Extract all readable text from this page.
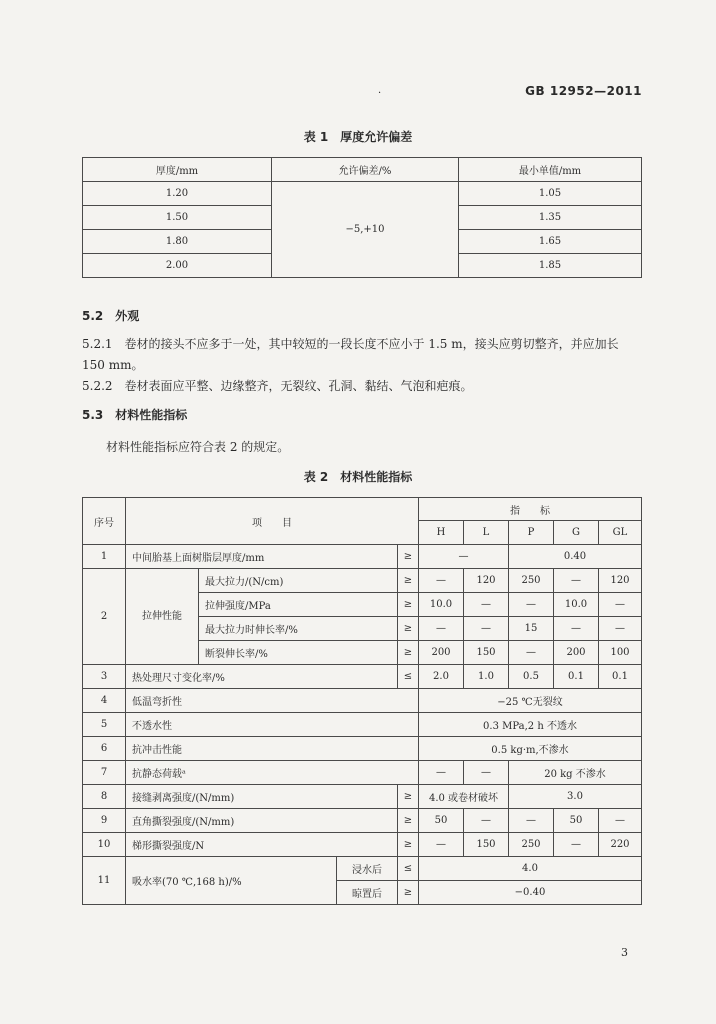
·	GB 12952—2011
表 1　厚度允许偏差
厚度/mm	允许偏差/%	最小单值/mm
1.20	−5,+10	1.05
1.50		1.35
1.80		1.65
2.00		1.85
5.2　外观
5.2.1　卷材的接头不应多于一处，其中较短的一段长度不应小于 1.5 m，接头应剪切整齐，并应加长 150 mm。
5.2.2　卷材表面应平整、边缘整齐，无裂纹、孔洞、黏结、气泡和疤痕。
5.3　材料性能指标
材料性能指标应符合表 2 的规定。
表 2　材料性能指标
序号	项　　目				指　　标				
					H	L	P	G	GL
1	中间胎基上面树脂层厚度/mm			≥	—		0.40		
2	拉伸性能	最大拉力/(N/cm)		≥	—	120	250	—	120
		拉伸强度/MPa		≥	10.0	—	—	10.0	—
		最大拉力时伸长率/%		≥	—	—	15	—	—
		断裂伸长率/%		≥	200	150	—	200	100
3	热处理尺寸变化率/%			≤	2.0	1.0	0.5	0.1	0.1
4	低温弯折性				−25 ℃无裂纹				
5	不透水性				0.3 MPa,2 h 不透水				
6	抗冲击性能				0.5 kg·m,不渗水				
7	抗静态荷载ᵃ				—	—	20 kg 不渗水		
8	接缝剥离强度/(N/mm)			≥	4.0 或卷材破坏		3.0		
9	直角撕裂强度/(N/mm)			≥	50	—	—	50	—
10	梯形撕裂强度/N			≥	—	150	250	—	220
11	吸水率(70 ℃,168 h)/%		浸水后	≤	4.0				
			晾置后	≥	−0.40				
3
